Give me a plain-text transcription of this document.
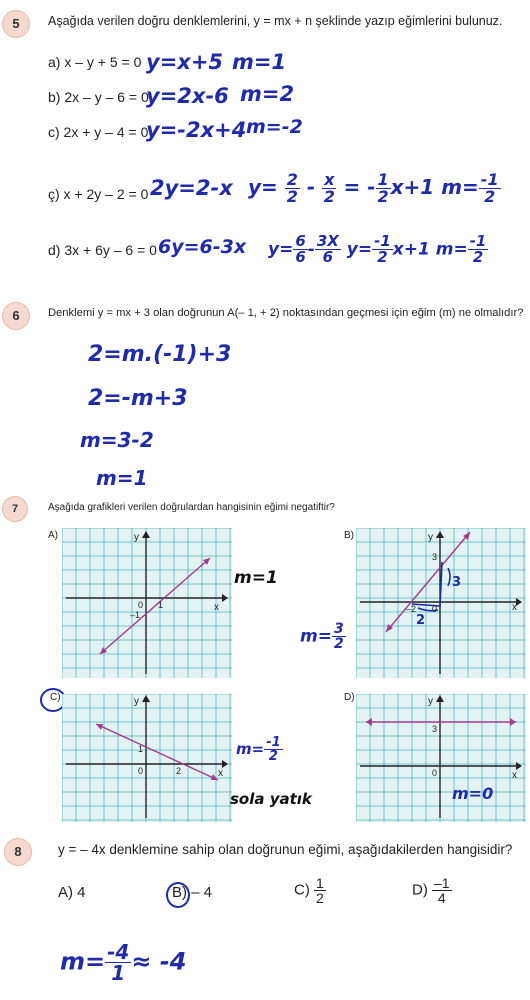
5	Aşağıda verilen doğru denklemlerini, y = mx + n şeklinde yazıp eğimlerini bulunuz.
a) x – y + 5 = 0 y=x+5 m=1
b) 2x – y – 6 = 0
y=2x-6 m=2
c) 2x + y – 4 = 0
y=-2x+4 m=-2
ç) x + 2y – 2 = 0 2y=2-x $y= \frac{2}{2} - \frac{x}{2}$ = - $\frac{1}{2} x+1$ $m= \frac{-1}{2}$
d) 3x + 6y – 6 = 0 6y=6-3x $y= \frac{6}{6} - \frac{3X}{6} y= \frac{-1}{2} x+1$ $m= \frac{-1}{2}$
6	Denklemi y = mx + 3 olan doğrunun A(– 1, + 2) noktasından geçmesi için eğim (m) ne olmalıdır?
2=m.(-1)+3
2=-m+3
m=3-2
m=1
7	Aşağıda grafikleri verilen doğrulardan hangisinin eğimi negatiftir?
A)	y
x
0 1
–1
m=1
B)
3
2
y
x
3
–2 0
$m= \frac{3}{2}$
C)
1
0	2	x
y
$m= \frac{-1}{2}$
sola yatık
D)
3
0	x
y
m=0
8	y = – 4x denklemine sahip olan doğrunun eğimi, aşağıdakilerden hangisidir?
A) 4	B) – 4	$C) \frac{1}{2}$	$D) \frac{-1}{4}$
$m= \frac{-4}{1} \approx -4$
